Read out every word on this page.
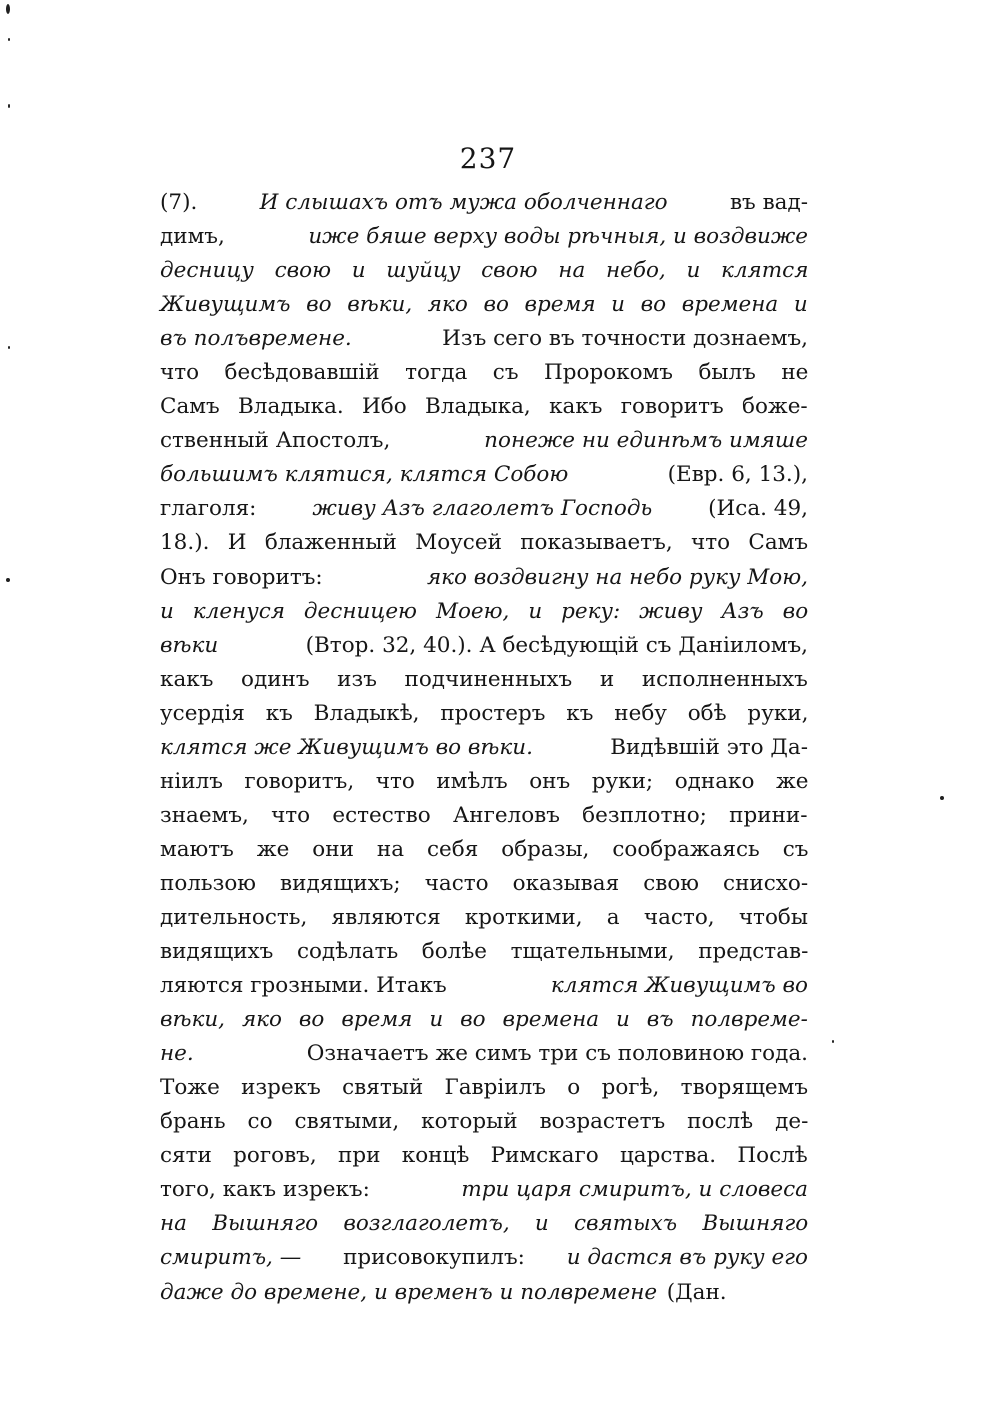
237
(7).	И слышахъ отъ мужа оболченнаго	въ вад-
димъ,	иже бяше верху воды рѣчныя, и воздвиже
десницу свою и шуйцу свою на небо, и клятся
Живущимъ во вѣки, яко во время и во времена и
въ полъвремене.	Изъ сего въ точности дознаемъ,
что бесѣдовавшій тогда съ Пророкомъ былъ не
Самъ Владыка. Ибо Владыка, какъ говоритъ боже-
ственный Апостолъ,	понеже ни единѣмъ имяше
большимъ клятися, клятся Собою	(Евр. 6, 13.),
глаголя:	живу Азъ глаголетъ Господь	(Иса. 49,
18.). И блаженный Моусей показываетъ, что Самъ
Онъ говоритъ:	яко воздвигну на небо руку Мою,
и кленуся десницею Моею, и реку: живу Азъ во
вѣки	(Втор. 32, 40.). А бесѣдующій съ Даніиломъ,
какъ одинъ изъ подчиненныхъ и исполненныхъ
усердія къ Владыкѣ, простеръ къ небу обѣ руки,
клятся же Живущимъ во вѣки.	Видѣвшій это Да-
ніилъ говоритъ, что имѣлъ онъ руки; однако же
знаемъ, что естество Ангеловъ безплотно; прини-
маютъ же они на себя образы, соображаясь съ
пользою видящихъ; часто оказывая свою снисхо-
дительность, являются кроткими, а часто, чтобы
видящихъ содѣлать болѣе тщательными, представ-
ляются грозными. Итакъ	клятся Живущимъ во
вѣки, яко во время и во времена и въ полвреме-
не.	Означаетъ же симъ три съ половиною года.
Тоже изрекъ святый Гавріилъ о рогѣ, творящемъ
брань со святыми, который возрастетъ послѣ де-
сяти роговъ, при концѣ Римскаго царства. Послѣ
того, какъ изрекъ:	три царя смиритъ, и словеса
на Вышняго возглаголетъ, и святыхъ Вышняго
смиритъ, — присовокупилъ: и дастся въ руку его
даже до времене, и временъ и полвремене (Дан.
